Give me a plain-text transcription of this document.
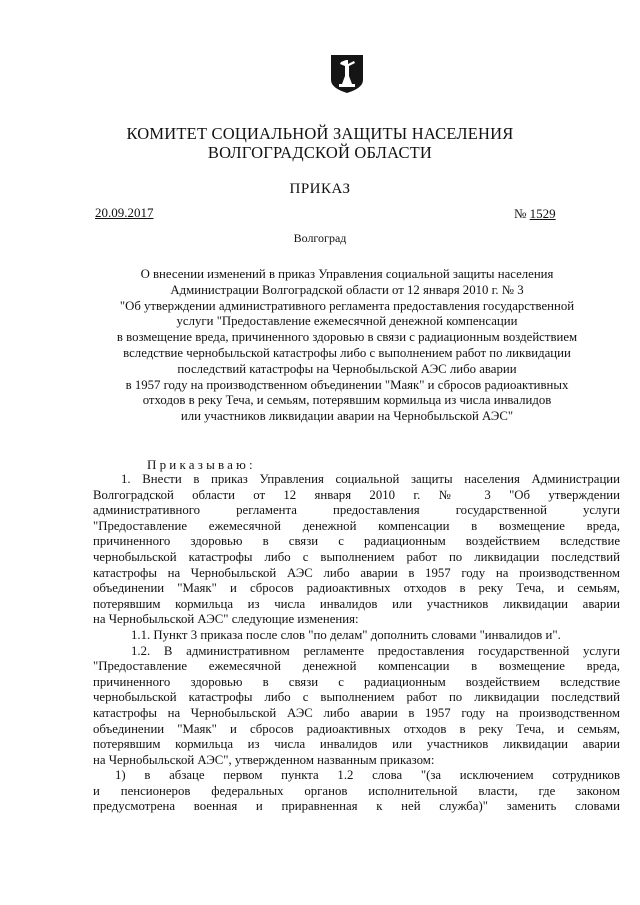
КОМИТЕТ СОЦИАЛЬНОЙ ЗАЩИТЫ НАСЕЛЕНИЯ
ВОЛГОГРАДСКОЙ ОБЛАСТИ
ПРИКАЗ
20.09.2017	№ 1529
Волгоград
О внесении изменений в приказ Управления социальной защиты населения
Администрации Волгоградской области от 12 января 2010 г. № 3
"Об утверждении административного регламента предоставления государственной
услуги "Предоставление ежемесячной денежной компенсации
в возмещение вреда, причиненного здоровью в связи с радиационным воздействием
вследствие чернобыльской катастрофы либо с выполнением работ по ликвидации
последствий катастрофы на Чернобыльской АЭС либо аварии
в 1957 году на производственном объединении "Маяк" и сбросов радиоактивных
отходов в реку Теча, и семьям, потерявшим кормильца из числа инвалидов
или участников ликвидации аварии на Чернобыльской АЭС"
Приказываю:
1. Внести в приказ Управления социальной защиты населения Администрации
Волгоградской области от 12 января 2010 г. № 3 "Об утверждении
административного регламента предоставления государственной услуги
"Предоставление ежемесячной денежной компенсации в возмещение вреда,
причиненного здоровью в связи с радиационным воздействием вследствие
чернобыльской катастрофы либо с выполнением работ по ликвидации последствий
катастрофы на Чернобыльской АЭС либо аварии в 1957 году на производственном
объединении "Маяк" и сбросов радиоактивных отходов в реку Теча, и семьям,
потерявшим кормильца из числа инвалидов или участников ликвидации аварии
на Чернобыльской АЭС" следующие изменения:
1.1. Пункт 3 приказа после слов "по делам" дополнить словами "инвалидов и".
1.2. В административном регламенте предоставления государственной услуги
"Предоставление ежемесячной денежной компенсации в возмещение вреда,
причиненного здоровью в связи с радиационным воздействием вследствие
чернобыльской катастрофы либо с выполнением работ по ликвидации последствий
катастрофы на Чернобыльской АЭС либо аварии в 1957 году на производственном
объединении "Маяк" и сбросов радиоактивных отходов в реку Теча, и семьям,
потерявшим кормильца из числа инвалидов или участников ликвидации аварии
на Чернобыльской АЭС", утвержденном названным приказом:
1) в абзаце первом пункта 1.2 слова "(за исключением сотрудников
и пенсионеров федеральных органов исполнительной власти, где законом
предусмотрена военная и приравненная к ней служба)" заменить словами
